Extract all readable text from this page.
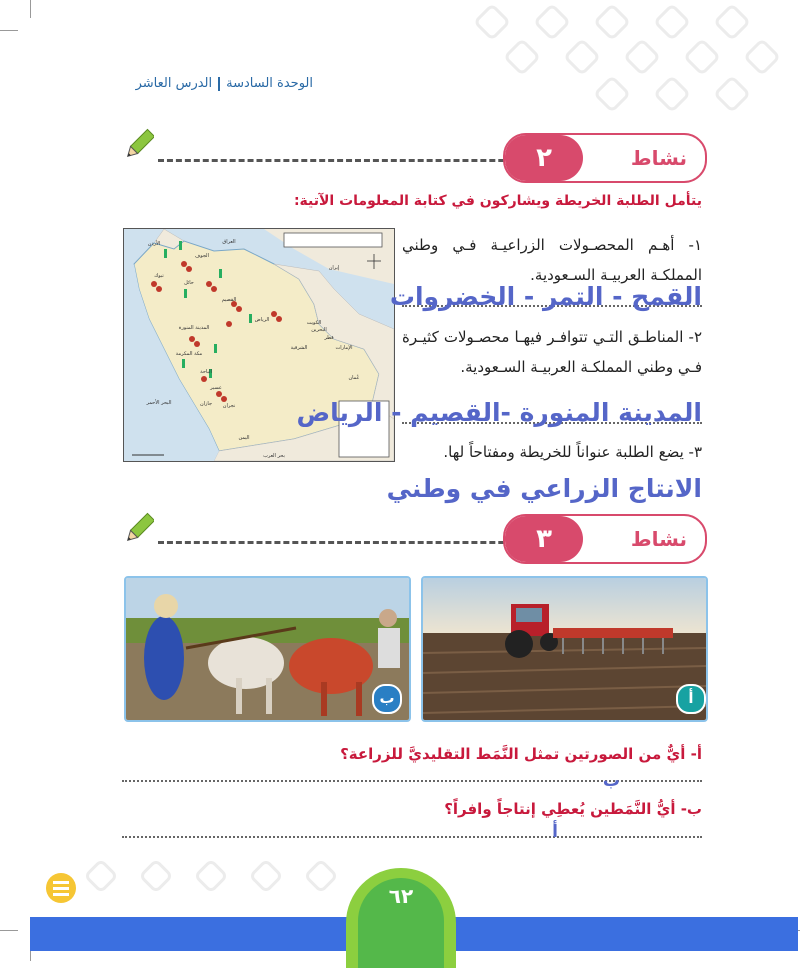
الوحدة السادسةالدرس العاشر
نشاط
٢
يتأمل الطلبة الخريطة ويشاركون في كتابة المعلومات الآتية:
الأردن	العراق
إيران
الكويت
الجوف
حائل
تبوك
القصيم
الرياض
المدينة المنورة
مكة المكرمة
الباحة
عسير
نجران
جازان
اليمن
الإمارات
عُمان
الشرقية
قطر
البحرين
البحر الأحمر
بحر العرب
١- أهـم المحصـولات الزراعيـة فـي وطني المملكـة العربيـة السـعودية.
القمح - التمر - الخضروات
٢- المناطـق التـي تتوافـر فيهـا محصـولات كثيـرة فـي وطني المملكـة العربيـة السـعودية.
المدينة المنورة -القصيم - الرياض
٣- يضع الطلبة عنواناً للخريطة ومفتاحاً لها.
الانتاج الزراعي في وطني
نشاط
٣
ب	أ
أ- أيٌّ من الصورتين تمثل النَّمَط التقليديَّ للزراعة؟
ب
ب- أيُّ النَّمَطين يُعطِي إنتاجاً وافراً؟
أ
٦٢
